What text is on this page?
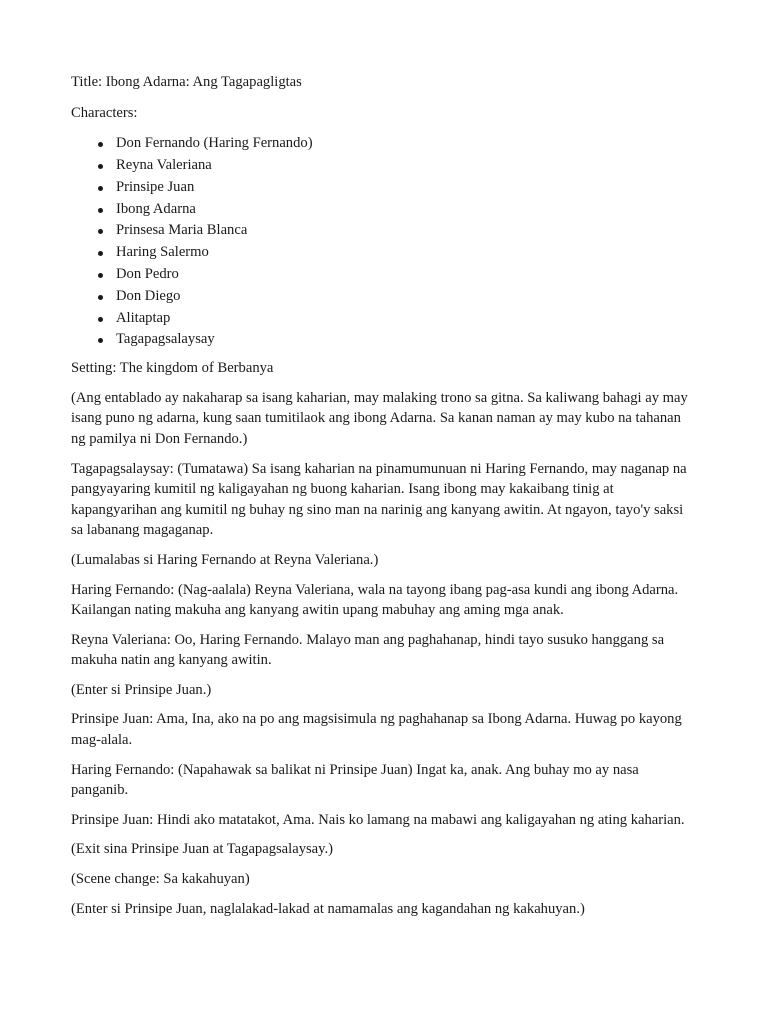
Title: Ibong Adarna: Ang Tagapagligtas

Characters:

Don Fernando (Haring Fernando)
Reyna Valeriana
Prinsipe Juan
Ibong Adarna
Prinsesa Maria Blanca
Haring Salermo
Don Pedro
Don Diego
Alitaptap
Tagapagsalaysay

Setting: The kingdom of Berbanya

(Ang entablado ay nakaharap sa isang kaharian, may malaking trono sa gitna. Sa kaliwang bahagi ay may isang puno ng adarna, kung saan tumitilaok ang ibong Adarna. Sa kanan naman ay may kubo na tahanan ng pamilya ni Don Fernando.)

Tagapagsalaysay: (Tumatawa) Sa isang kaharian na pinamumunuan ni Haring Fernando, may naganap na pangyayaring kumitil ng kaligayahan ng buong kaharian. Isang ibong may kakaibang tinig at kapangyarihan ang kumitil ng buhay ng sino man na narinig ang kanyang awitin. At ngayon, tayo'y saksi sa labanang magaganap.

(Lumalabas si Haring Fernando at Reyna Valeriana.)

Haring Fernando: (Nag-aalala) Reyna Valeriana, wala na tayong ibang pag-asa kundi ang ibong Adarna. Kailangan nating makuha ang kanyang awitin upang mabuhay ang aming mga anak.

Reyna Valeriana: Oo, Haring Fernando. Malayo man ang paghahanap, hindi tayo susuko hanggang sa makuha natin ang kanyang awitin.

(Enter si Prinsipe Juan.)

Prinsipe Juan: Ama, Ina, ako na po ang magsisimula ng paghahanap sa Ibong Adarna. Huwag po kayong mag-alala.

Haring Fernando: (Napahawak sa balikat ni Prinsipe Juan) Ingat ka, anak. Ang buhay mo ay nasa panganib.

Prinsipe Juan: Hindi ako matatakot, Ama. Nais ko lamang na mabawi ang kaligayahan ng ating kaharian.

(Exit sina Prinsipe Juan at Tagapagsalaysay.)

(Scene change: Sa kakahuyan)

(Enter si Prinsipe Juan, naglalakad-lakad at namamalas ang kagandahan ng kakahuyan.)
